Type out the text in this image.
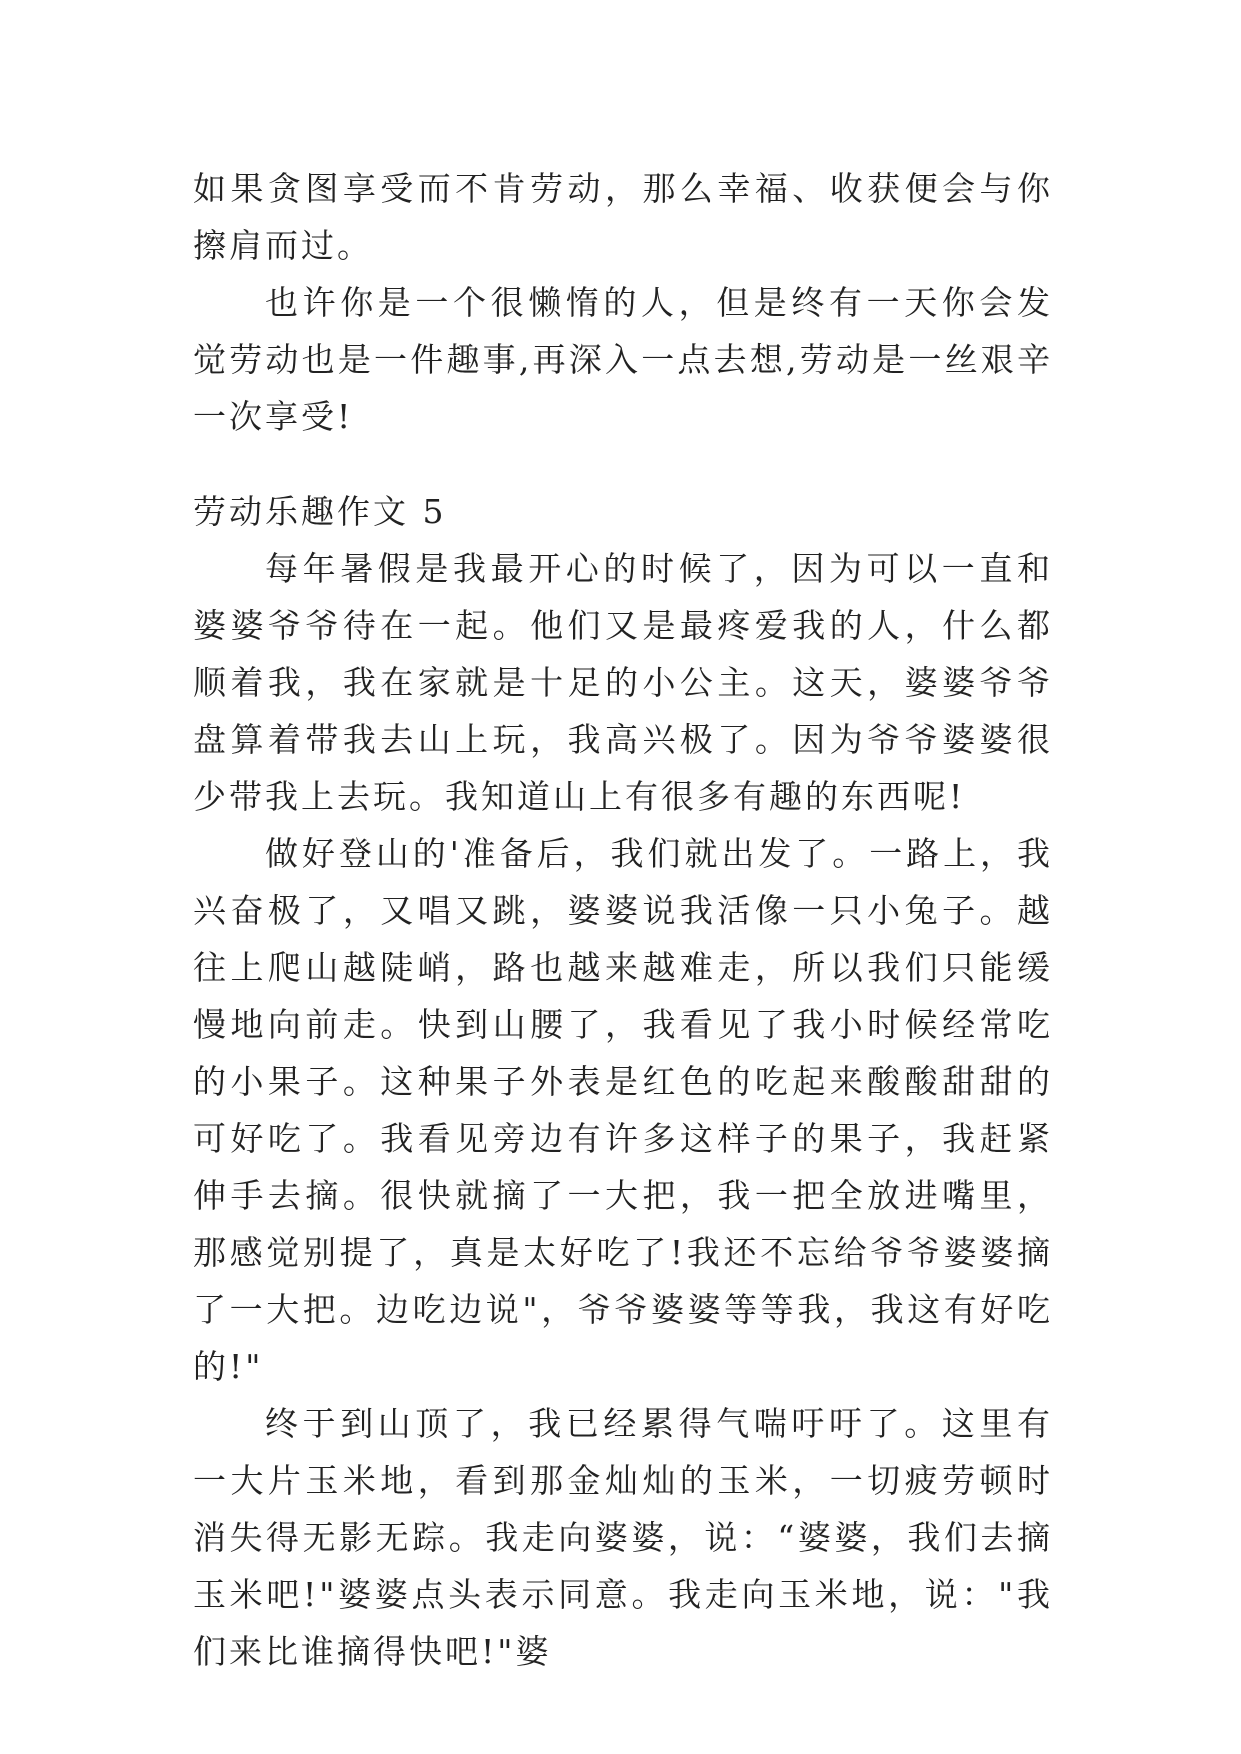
如果贪图享受而不肯劳动，那么幸福、收获便会与你擦肩而过。

也许你是一个很懒惰的人，但是终有一天你会发觉劳动也是一件趣事,再深入一点去想,劳动是一丝艰辛一次享受!

劳动乐趣作文 5

每年暑假是我最开心的时候了，因为可以一直和婆婆爷爷待在一起。他们又是最疼爱我的人，什么都顺着我，我在家就是十足的小公主。这天，婆婆爷爷盘算着带我去山上玩，我高兴极了。因为爷爷婆婆很少带我上去玩。我知道山上有很多有趣的东西呢!

做好登山的'准备后，我们就出发了。一路上，我兴奋极了，又唱又跳，婆婆说我活像一只小兔子。越往上爬山越陡峭，路也越来越难走，所以我们只能缓慢地向前走。快到山腰了，我看见了我小时候经常吃的小果子。这种果子外表是红色的吃起来酸酸甜甜的可好吃了。我看见旁边有许多这样子的果子，我赶紧伸手去摘。很快就摘了一大把，我一把全放进嘴里，那感觉别提了，真是太好吃了!我还不忘给爷爷婆婆摘了一大把。边吃边说"，爷爷婆婆等等我，我这有好吃的!"

终于到山顶了，我已经累得气喘吁吁了。这里有一大片玉米地，看到那金灿灿的玉米，一切疲劳顿时消失得无影无踪。我走向婆婆，说：“婆婆，我们去摘玉米吧!"婆婆点头表示同意。我走向玉米地，说："我们来比谁摘得快吧!"婆
